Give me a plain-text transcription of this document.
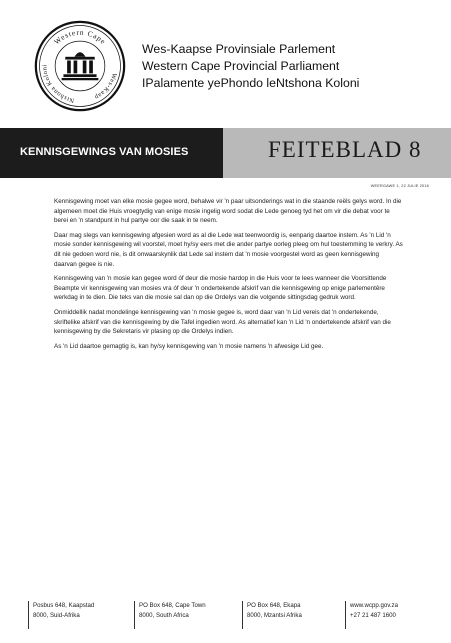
Western Cape
Ntshona Koloni
Wes-Kaap
Wes-Kaapse Provinsiale Parlement
Western Cape Provincial Parliament
IPalamente yePhondo leNtshona Koloni
KENNISGEWINGS VAN MOSIES	FEITEBLAD 8
WEERGAWE 1, 22 JULIE 2016

Kennisgewing moet van elke mosie gegee word, behalwe vir 'n paar uitsonderings wat in die staande reëls gelys word. In die algemeen moet die Huis vroegtydig van enige mosie ingelig word sodat die Lede genoeg tyd het om vir die debat voor te berei en 'n standpunt in hul partye oor die saak in te neem.

Daar mag slegs van kennisgewing afgesien word as al die Lede wat teenwoordig is, eenparig daartoe instem. As 'n Lid 'n mosie sonder kennisgewing wil voorstel, moet hy/sy eers met die ander partye oorleg pleeg om hul toestemming te verkry. As dit nie gedoen word nie, is dit onwaarskynlik dat Lede sal instem dat 'n mosie voorgestel word as geen kennisgewing daarvan gegee is nie.

Kennisgewing van 'n mosie kan gegee word óf deur die mosie hardop in die Huis voor te lees wanneer die Voorsittende Beampte vir kennisgewing van mosies vra óf deur 'n ondertekende afskrif van die kennisgewing op enige parlementêre werkdag in te dien. Die teks van die mosie sal dan op die Ordelys van die volgende sittingsdag gedruk word.

Onmiddellik nadat mondelinge kennisgewing van 'n mosie gegee is, word daar van 'n Lid vereis dat 'n ondertekende, skriftelike afskrif van die kennisgewing by die Tafel ingedien word. As alternatief kan 'n Lid 'n ondertekende afskrif van die kennisgewing by die Sekretaris vir plasing op die Ordelys indien.

As 'n Lid daartoe gemagtig is, kan hy/sy kennisgewing van 'n mosie namens 'n afwesige Lid gee.

Posbus 648, Kaapstad
8000, Suid-Afrika
PO Box 648, Cape Town
8000, South Africa
PO Box 648, Ekapa
8000, Mzantsi Afrika
www.wcpp.gov.za
+27 21 487 1600
